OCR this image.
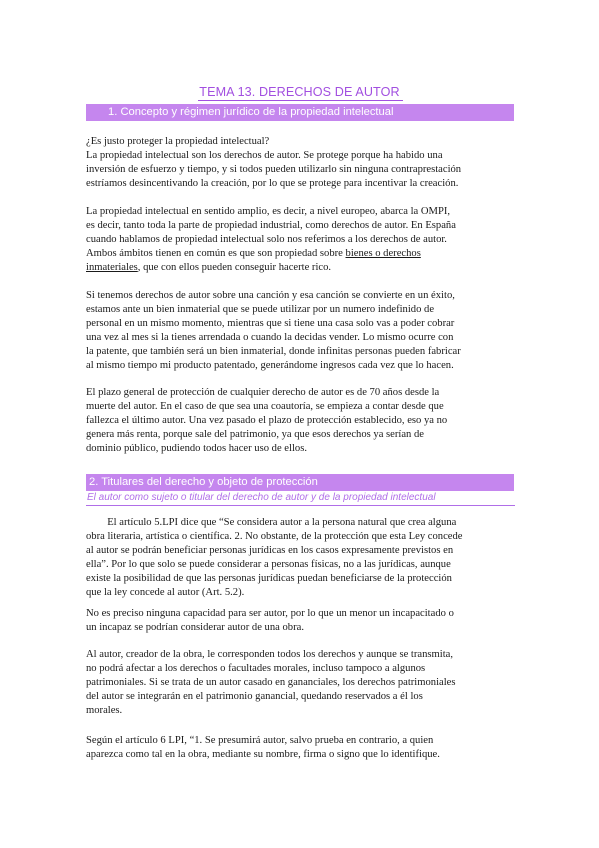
TEMA 13. DERECHOS DE AUTOR
1. Concepto y régimen jurídico de la propiedad intelectual
¿Es justo proteger la propiedad intelectual?
La propiedad intelectual son los derechos de autor. Se protege porque ha habido una
inversión de esfuerzo y tiempo, y si todos pueden utilizarlo sin ninguna contraprestación
estríamos desincentivando la creación, por lo que se protege para incentivar la creación.
La propiedad intelectual en sentido amplio, es decir, a nivel europeo, abarca la OMPI,
es decir, tanto toda la parte de propiedad industrial, como derechos de autor. En España
cuando hablamos de propiedad intelectual solo nos referimos a los derechos de autor.
Ambos ámbitos tienen en común es que son propiedad sobre bienes o derechos
inmateriales, que con ellos pueden conseguir hacerte rico.
Si tenemos derechos de autor sobre una canción y esa canción se convierte en un éxito,
estamos ante un bien inmaterial que se puede utilizar por un numero indefinido de
personal en un mismo momento, mientras que si tiene una casa solo vas a poder cobrar
una vez al mes si la tienes arrendada o cuando la decidas vender. Lo mismo ocurre con
la patente, que también será un bien inmaterial, donde infinitas personas pueden fabricar
al mismo tiempo mi producto patentado, generándome ingresos cada vez que lo hacen.
El plazo general de protección de cualquier derecho de autor es de 70 años desde la
muerte del autor. En el caso de que sea una coautoría, se empieza a contar desde que
fallezca el último autor. Una vez pasado el plazo de protección establecido, eso ya no
genera más renta, porque sale del patrimonio, ya que esos derechos ya serían de
dominio público, pudiendo todos hacer uso de ellos.
2. Titulares del derecho y objeto de protección
El autor como sujeto o titular del derecho de autor y de la propiedad intelectual
El artículo 5.LPI dice que “Se considera autor a la persona natural que crea alguna
obra literaria, artística o científica. 2. No obstante, de la protección que esta Ley concede
al autor se podrán beneficiar personas jurídicas en los casos expresamente previstos en
ella”. Por lo que solo se puede considerar a personas físicas, no a las jurídicas, aunque
existe la posibilidad de que las personas jurídicas puedan beneficiarse de la protección
que la ley concede al autor (Art. 5.2).
No es preciso ninguna capacidad para ser autor, por lo que un menor un incapacitado o
un incapaz se podrían considerar autor de una obra.
Al autor, creador de la obra, le corresponden todos los derechos y aunque se transmita,
no podrá afectar a los derechos o facultades morales, incluso tampoco a algunos
patrimoniales. Si se trata de un autor casado en gananciales, los derechos patrimoniales
del autor se integrarán en el patrimonio ganancial, quedando reservados a él los
morales.
Según el artículo 6 LPI, “1. Se presumirá autor, salvo prueba en contrario, a quien
aparezca como tal en la obra, mediante su nombre, firma o signo que lo identifique.
